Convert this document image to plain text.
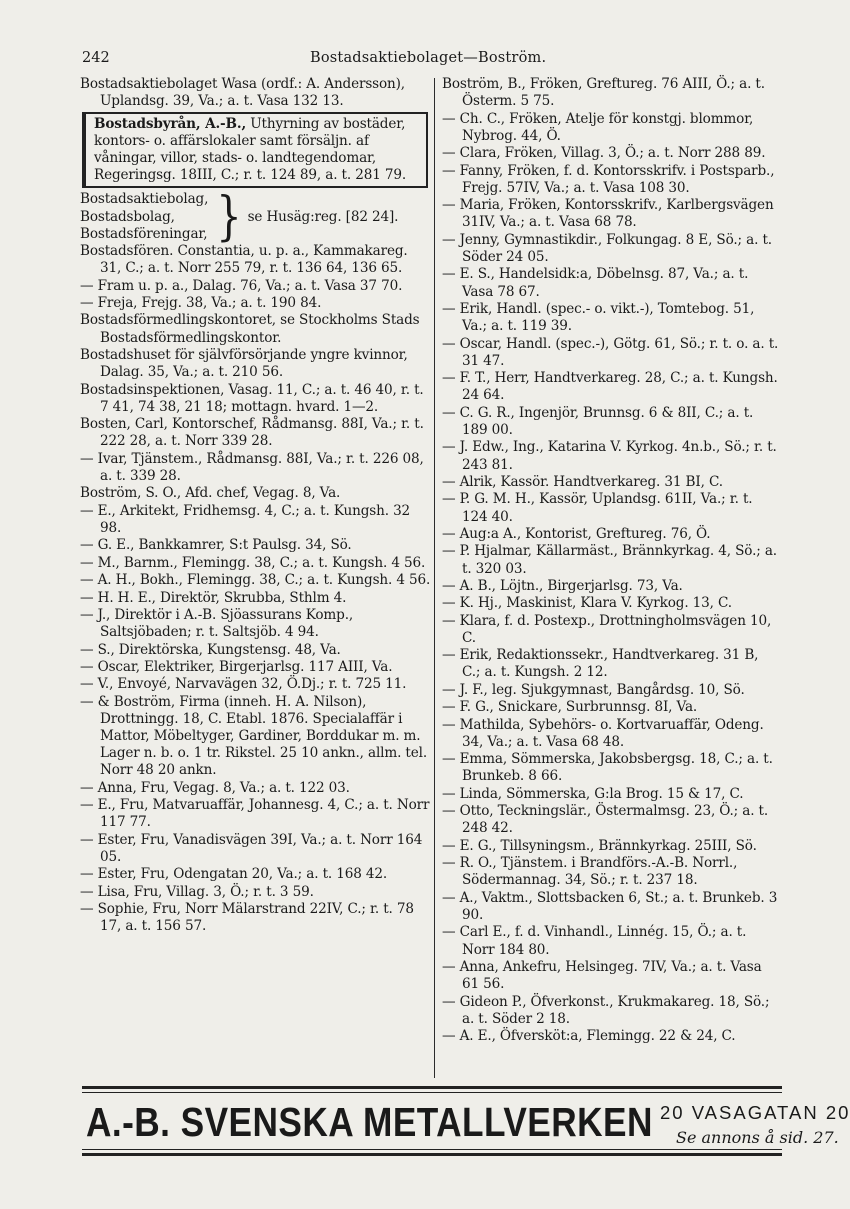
242	Bostadsaktiebolaget—Boström.
Bostadsaktiebolaget Wasa (ordf.: A. Andersson), Uplandsg. 39, Va.; a. t. Vasa 132 13.
Bostadsbyrån, A.-B., Uthyrning av bostäder, kontors- o. affärslokaler samt försäljn. af våningar, villor, stads- o. landtegendomar, Regeringsg. 18III, C.; r. t. 124 89, a. t. 281 79.
Bostadsaktiebolag,
Bostadsbolag,
Bostadsföreningar, } se Husäg:reg. [82 24].
Bostadsfören. Constantia, u. p. a., Kammakareg. 31, C.; a. t. Norr 255 79, r. t. 136 64, 136 65.
— Fram u. p. a., Dalag. 76, Va.; a. t. Vasa 37 70.
— Freja, Frejg. 38, Va.; a. t. 190 84.
Bostadsförmedlingskontoret, se Stockholms Stads Bostadsförmedlingskontor.
Bostadshuset för självförsörjande yngre kvinnor, Dalag. 35, Va.; a. t. 210 56.
Bostadsinspektionen, Vasag. 11, C.; a. t. 46 40, r. t. 7 41, 74 38, 21 18; mottagn. hvard. 1—2.
Bosten, Carl, Kontorschef, Rådmansg. 88I, Va.; r. t. 222 28, a. t. Norr 339 28.
— Ivar, Tjänstem., Rådmansg. 88I, Va.; r. t. 226 08, a. t. 339 28.
Boström, S. O., Afd. chef, Vegag. 8, Va.
— E., Arkitekt, Fridhemsg. 4, C.; a. t. Kungsh. 32 98.
— G. E., Bankkamrer, S:t Paulsg. 34, Sö.
— M., Barnm., Flemingg. 38, C.; a. t. Kungsh. 4 56.
— A. H., Bokh., Flemingg. 38, C.; a. t. Kungsh. 4 56.
— H. H. E., Direktör, Skrubba, Sthlm 4.
— J., Direktör i A.-B. Sjöassurans Komp., Saltsjöbaden; r. t. Saltsjöb. 4 94.
— S., Direktörska, Kungstensg. 48, Va.
— Oscar, Elektriker, Birgerjarlsg. 117 AIII, Va.
— V., Envoyé, Narvavägen 32, Ö.Dj.; r. t. 725 11.
— & Boström, Firma (inneh. H. A. Nilson), Drottningg. 18, C. Etabl. 1876. Specialaffär i Mattor, Möbeltyger, Gardiner, Borddukar m. m. Lager n. b. o. 1 tr. Rikstel. 25 10 ankn., allm. tel. Norr 48 20 ankn.
— Anna, Fru, Vegag. 8, Va.; a. t. 122 03.
— E., Fru, Matvaruaffär, Johannesg. 4, C.; a. t. Norr 117 77.
— Ester, Fru, Vanadisvägen 39I, Va.; a. t. Norr 164 05.
— Ester, Fru, Odengatan 20, Va.; a. t. 168 42.
— Lisa, Fru, Villag. 3, Ö.; r. t. 3 59.
— Sophie, Fru, Norr Mälarstrand 22IV, C.; r. t. 78 17, a. t. 156 57.
Boström, B., Fröken, Greftureg. 76 AIII, Ö.; a. t. Österm. 5 75.
— Ch. C., Fröken, Atelje för konstgj. blommor, Nybrog. 44, Ö.
— Clara, Fröken, Villag. 3, Ö.; a. t. Norr 288 89.
— Fanny, Fröken, f. d. Kontorsskrifv. i Postsparb., Frejg. 57IV, Va.; a. t. Vasa 108 30.
— Maria, Fröken, Kontorsskrifv., Karlbergsvägen 31IV, Va.; a. t. Vasa 68 78.
— Jenny, Gymnastikdir., Folkungag. 8 E, Sö.; a. t. Söder 24 05.
— E. S., Handelsidk:a, Döbelnsg. 87, Va.; a. t. Vasa 78 67.
— Erik, Handl. (spec.- o. vikt.-), Tomtebog. 51, Va.; a. t. 119 39.
— Oscar, Handl. (spec.-), Götg. 61, Sö.; r. t. o. a. t. 31 47.
— F. T., Herr, Handtverkareg. 28, C.; a. t. Kungsh. 24 64.
— C. G. R., Ingenjör, Brunnsg. 6 & 8II, C.; a. t. 189 00.
— J. Edw., Ing., Katarina V. Kyrkog. 4n.b., Sö.; r. t. 243 81.
— Alrik, Kassör. Handtverkareg. 31 BI, C.
— P. G. M. H., Kassör, Uplandsg. 61II, Va.; r. t. 124 40.
— Aug:a A., Kontorist, Greftureg. 76, Ö.
— P. Hjalmar, Källarmäst., Brännkyrkag. 4, Sö.; a. t. 320 03.
— A. B., Löjtn., Birgerjarlsg. 73, Va.
— K. Hj., Maskinist, Klara V. Kyrkog. 13, C.
— Klara, f. d. Postexp., Drottningholmsvägen 10, C.
— Erik, Redaktionssekr., Handtverkareg. 31 B, C.; a. t. Kungsh. 2 12.
— J. F., leg. Sjukgymnast, Bangårdsg. 10, Sö.
— F. G., Snickare, Surbrunnsg. 8I, Va.
— Mathilda, Sybehörs- o. Kortvaruaffär, Odeng. 34, Va.; a. t. Vasa 68 48.
— Emma, Sömmerska, Jakobsbergsg. 18, C.; a. t. Brunkeb. 8 66.
— Linda, Sömmerska, G:la Brog. 15 & 17, C.
— Otto, Teckningslär., Östermalmsg. 23, Ö.; a. t. 248 42.
— E. G., Tillsyningsm., Brännkyrkag. 25III, Sö.
— R. O., Tjänstem. i Brandförs.-A.-B. Norrl., Södermannag. 34, Sö.; r. t. 237 18.
— A., Vaktm., Slottsbacken 6, St.; a. t. Brunkeb. 3 90.
— Carl E., f. d. Vinhandl., Linnég. 15, Ö.; a. t. Norr 184 80.
— Anna, Ankefru, Helsingeg. 7IV, Va.; a. t. Vasa 61 56.
— Gideon P., Öfverkonst., Krukmakareg. 18, Sö.; a. t. Söder 2 18.
— A. E., Öfversköt:a, Flemingg. 22 & 24, C.
A.-B. SVENSKA METALLVERKEN 20 VASAGATAN 20
Se annons å sid. 27.
